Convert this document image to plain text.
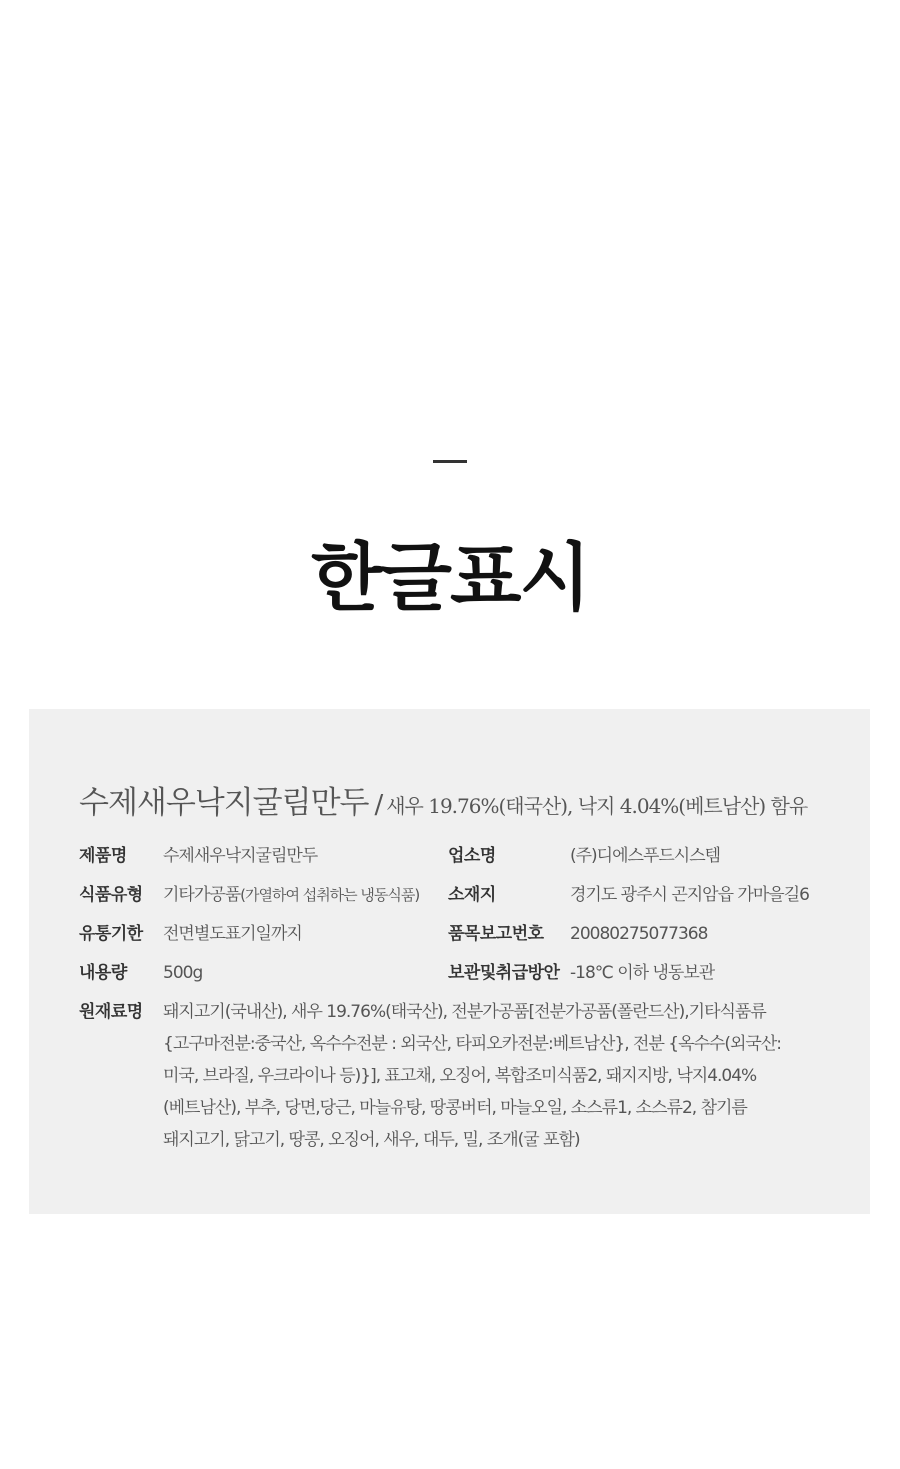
한글표시
수제새우낙지굴림만두 / 새우 19.76%(태국산), 낙지 4.04%(베트남산) 함유
제품명 수제새우낙지굴림만두	업소명	(주)디에스푸드시스템
식품유형 기타가공품(가열하여 섭취하는 냉동식품) 소재지	경기도 광주시 곤지암읍 가마을길6
유통기한 전면별도표기일까지	품목보고번호 20080275077368
내용량 500g	보관및취급방안 -18℃ 이하 냉동보관
원재료명 돼지고기(국내산), 새우 19.76%(태국산), 전분가공품[전분가공품(폴란드산),기타식품류
{고구마전분:중국산, 옥수수전분 : 외국산, 타피오카전분:베트남산}, 전분 {옥수수(외국산:
미국, 브라질, 우크라이나 등)}], 표고채, 오징어, 복합조미식품2, 돼지지방, 낙지4.04%
(베트남산), 부추, 당면,당근, 마늘유탕, 땅콩버터, 마늘오일, 소스류1, 소스류2, 참기름
돼지고기, 닭고기, 땅콩, 오징어, 새우, 대두, 밀, 조개(굴 포함)
